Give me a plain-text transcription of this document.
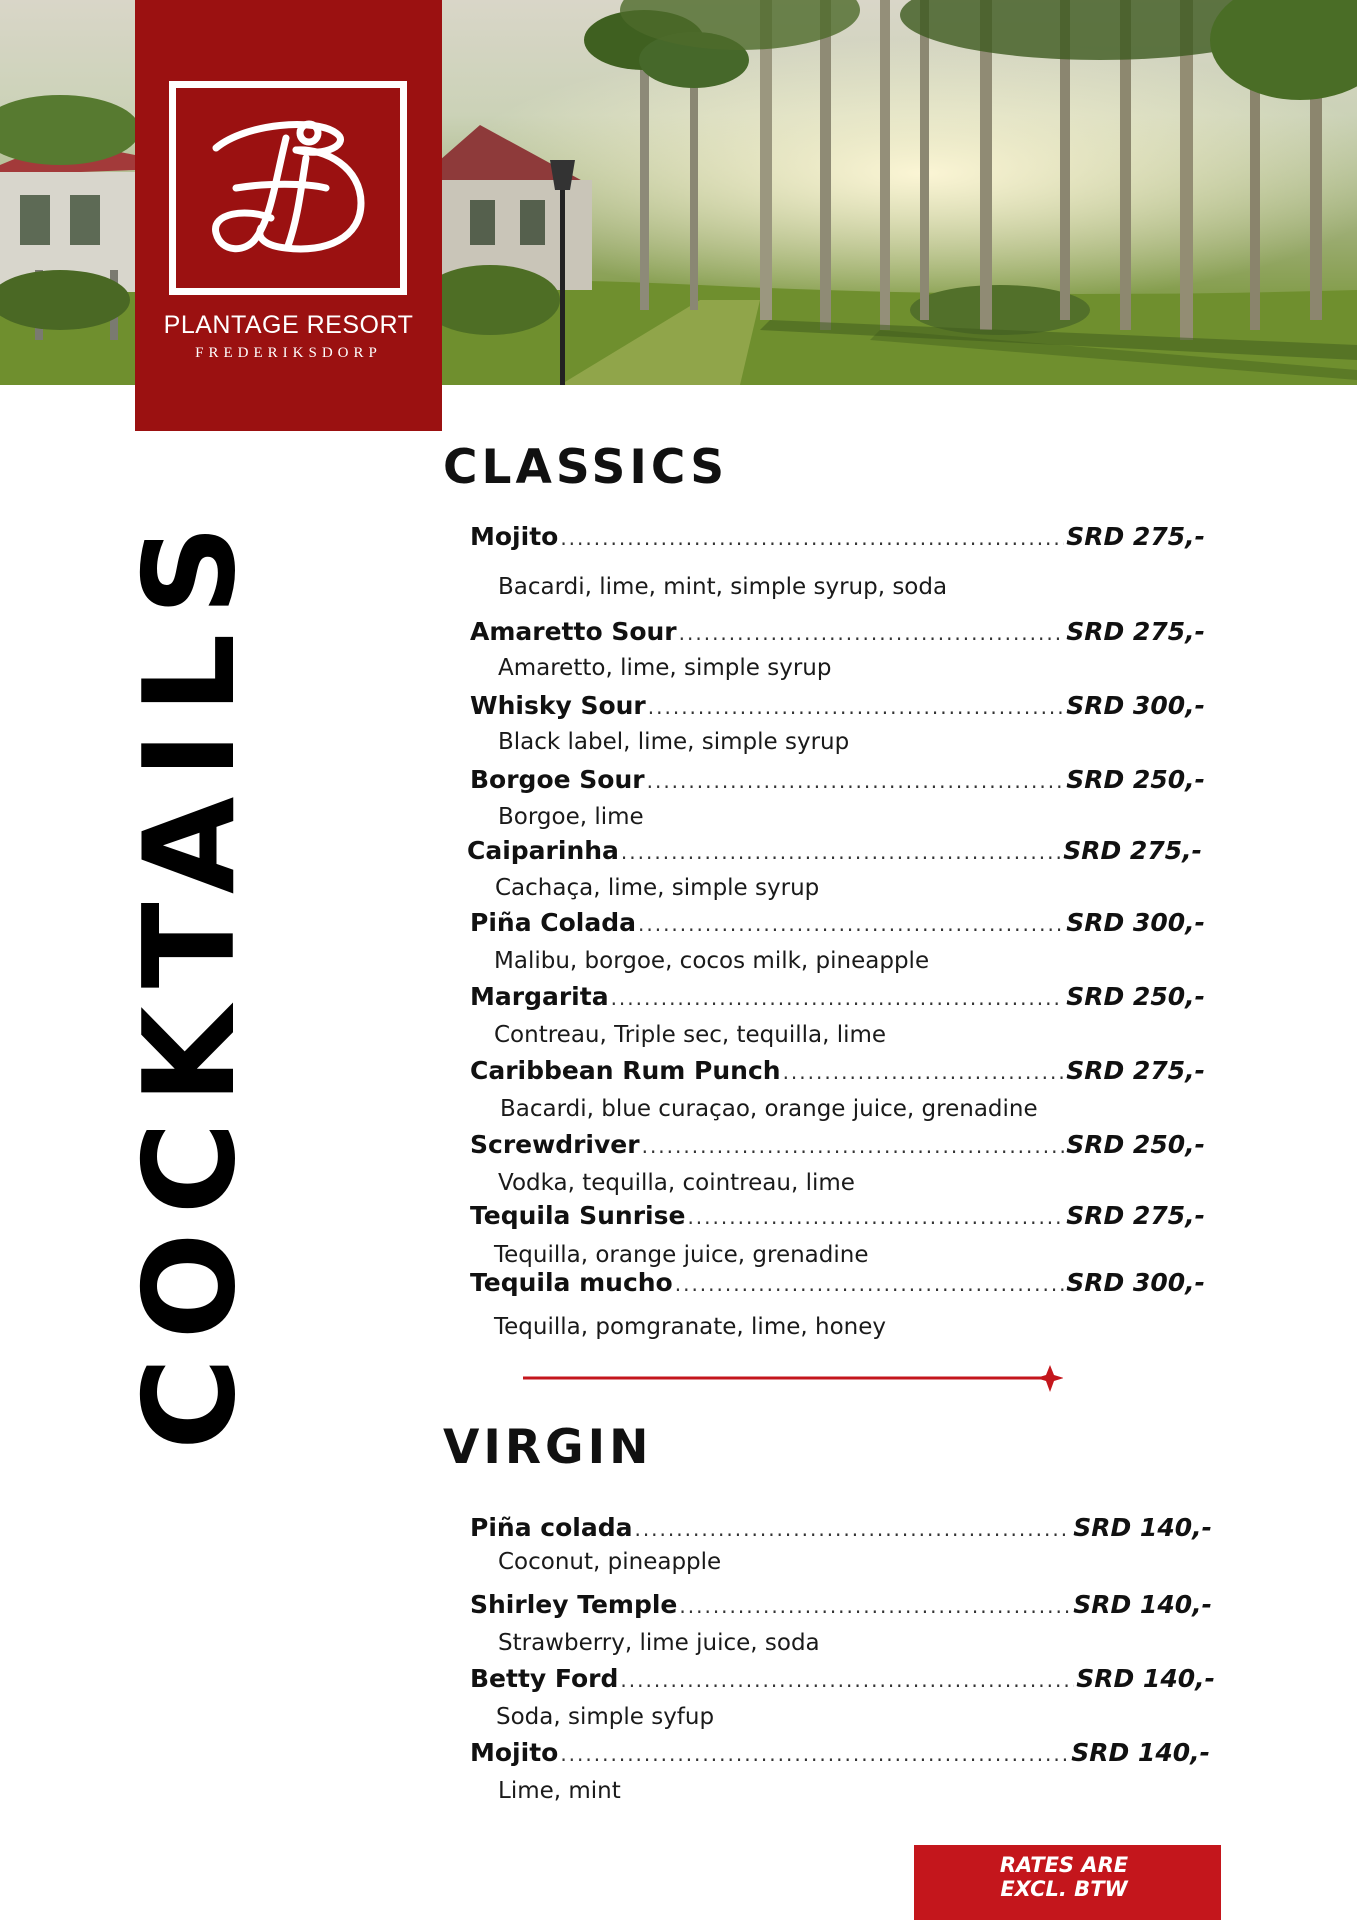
PLANTAGE RESORT
FREDERIKSDORP
COCKTAILS
CLASSICS
Mojito .....	SRD 275,-
Bacardi, lime, mint, simple syrup, soda
Amaretto Sour .....	SRD 275,-
Amaretto, lime, simple syrup
Whisky Sour .....	SRD 300,-
Black label, lime, simple syrup
Borgoe Sour .....	SRD 250,-
Borgoe, lime
Caiparinha .....	SRD 275,-
Cachaça, lime, simple syrup
Piña Colada .....	SRD 300,-
Malibu, borgoe, cocos milk, pineapple
Margarita .....	SRD 250,-
Contreau, Triple sec, tequilla, lime
Caribbean Rum Punch .....	SRD 275,-
Bacardi, blue curaçao, orange juice, grenadine
Screwdriver .....	SRD 250,-
Vodka, tequilla, cointreau, lime
Tequila Sunrise .....	SRD 275,-
Tequilla, orange juice, grenadine
Tequila mucho .....	SRD 300,-
Tequilla, pomgranate, lime, honey
VIRGIN
Piña colada .....	SRD 140,-
Coconut, pineapple
Shirley Temple .....	SRD 140,-
Strawberry, lime juice, soda
Betty Ford .....	SRD 140,-
Soda, simple syfup
Mojito .....	SRD 140,-
Lime, mint
RATES ARE
EXCL. BTW
